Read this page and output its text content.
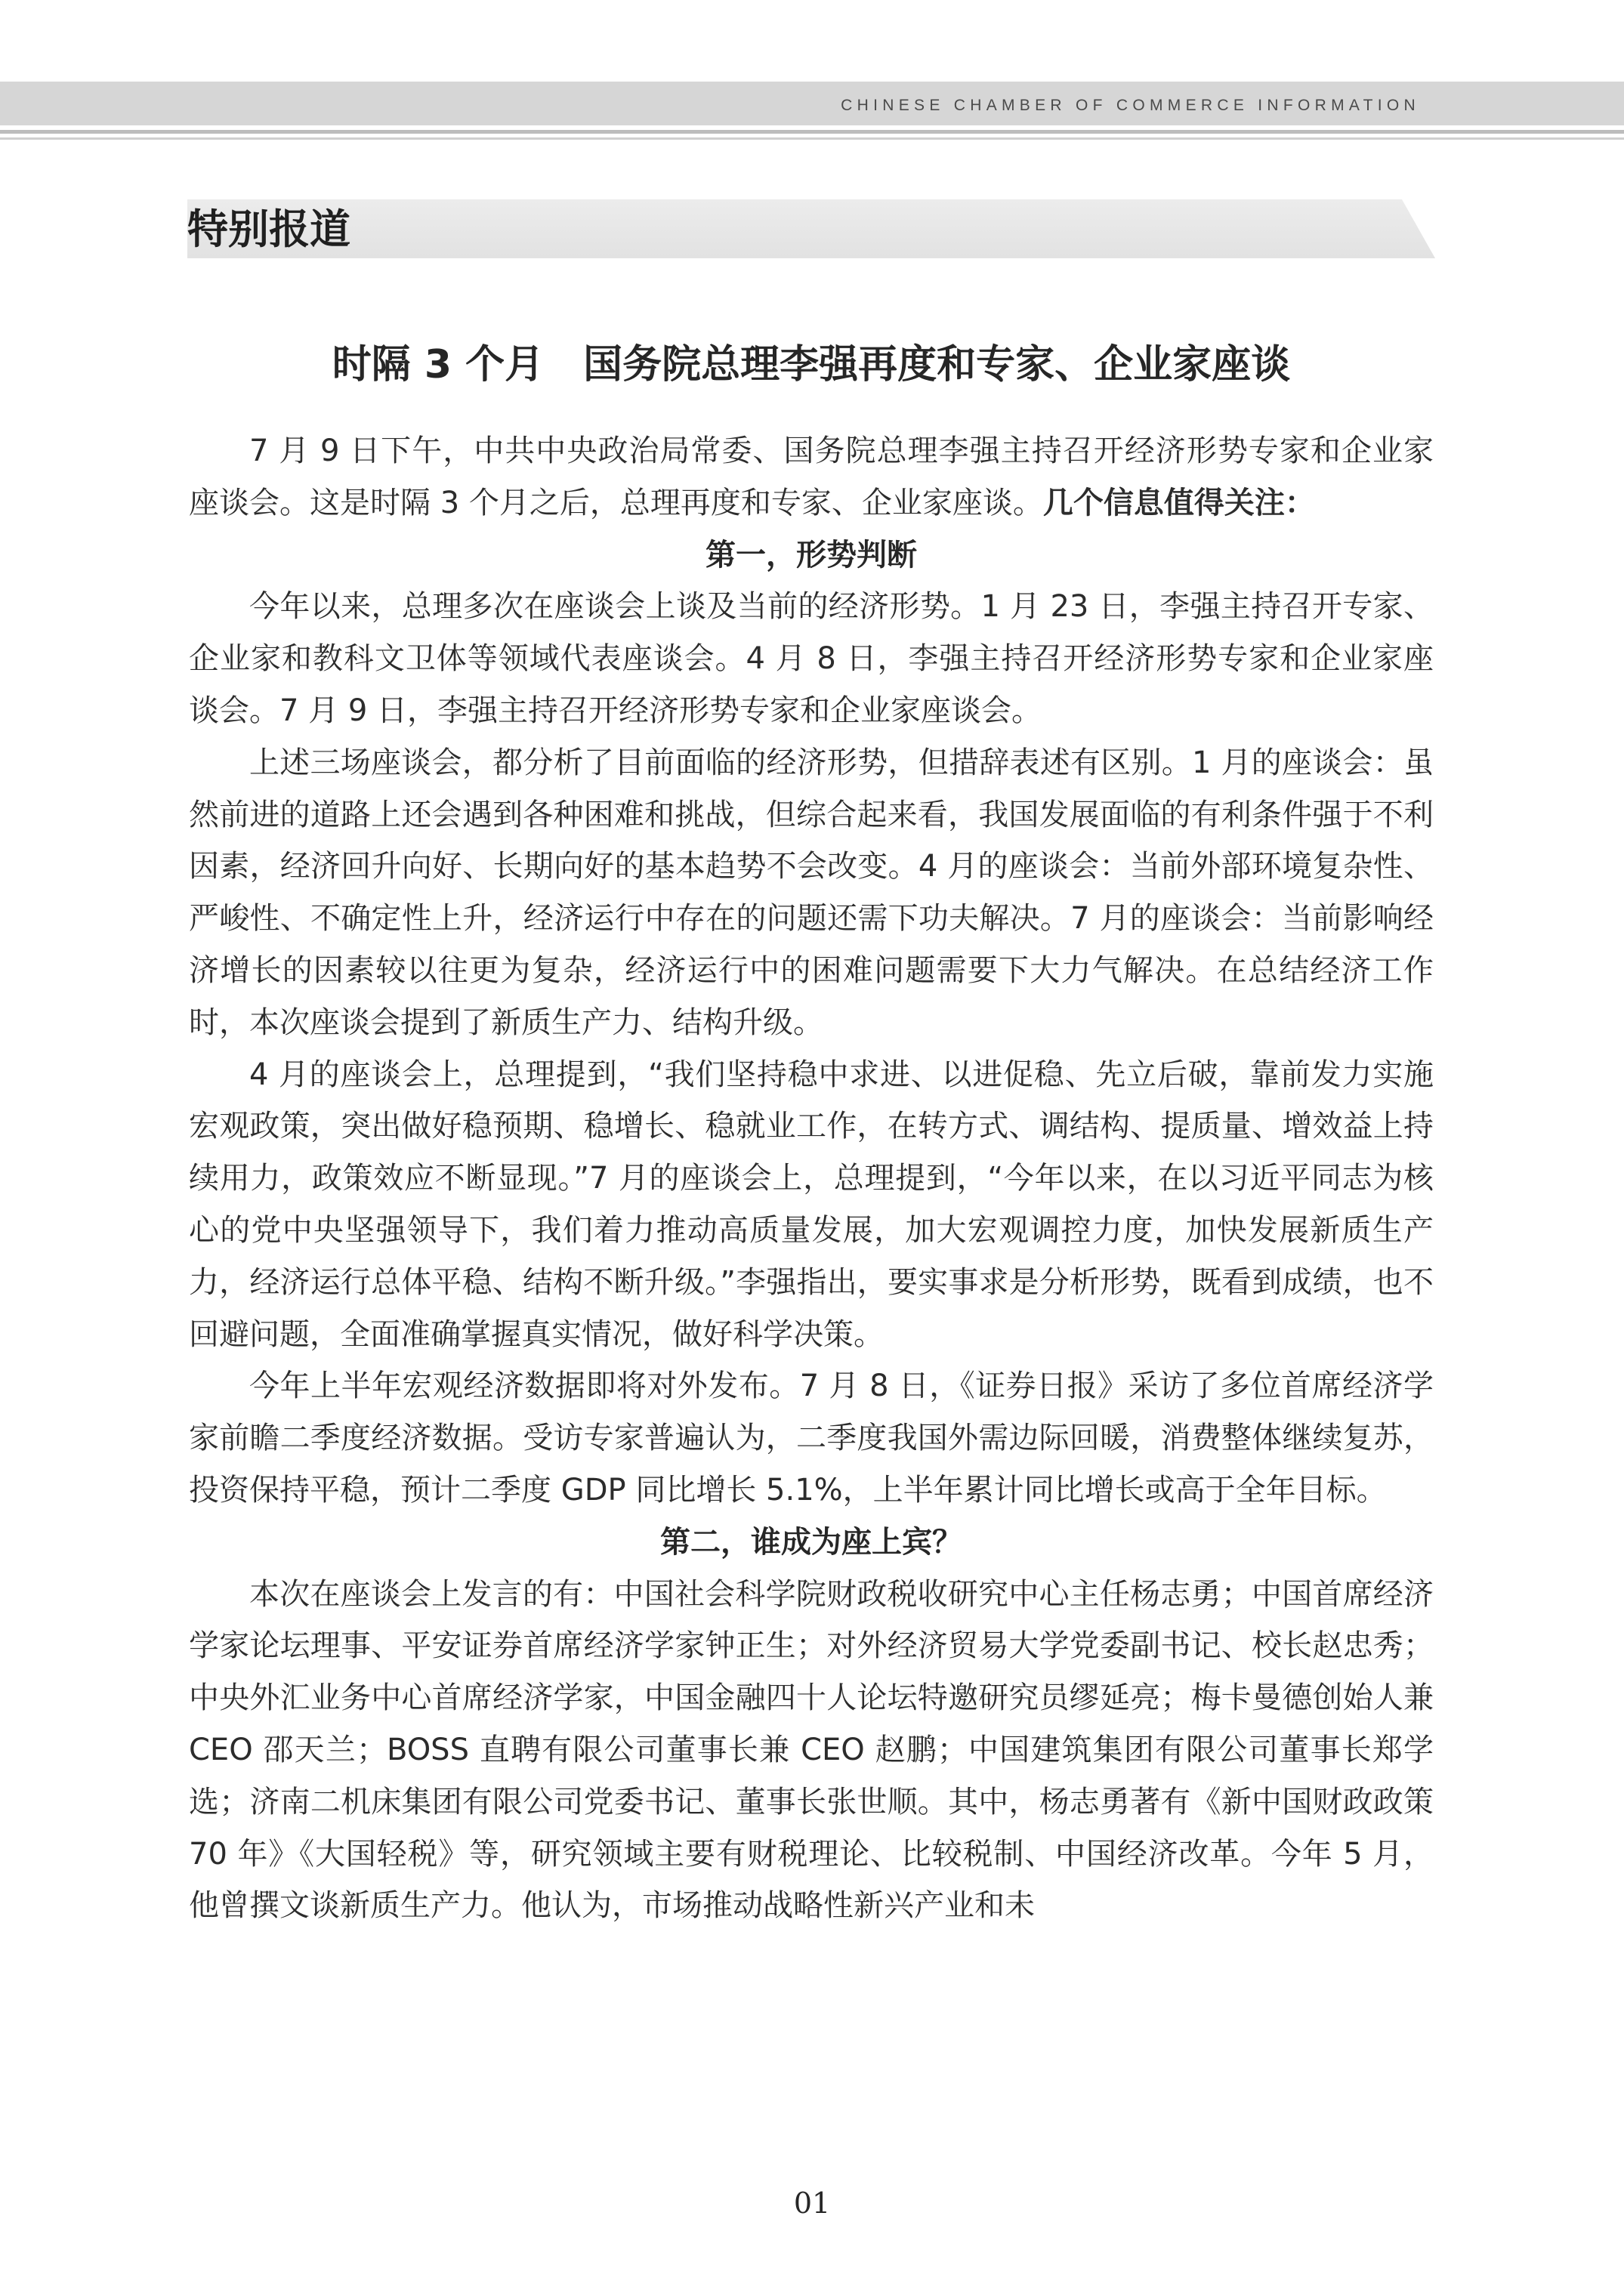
CHINESE CHAMBER OF COMMERCE INFORMATION
特别报道
时隔 3 个月　国务院总理李强再度和专家、企业家座谈

7 月 9 日下午，中共中央政治局常委、国务院总理李强主持召开经济形势专家和企业家座谈会。这是时隔 3 个月之后，总理再度和专家、企业家座谈。几个信息值得关注：

第一，形势判断

今年以来，总理多次在座谈会上谈及当前的经济形势。1 月 23 日，李强主持召开专家、企业家和教科文卫体等领域代表座谈会。4 月 8 日，李强主持召开经济形势专家和企业家座谈会。7 月 9 日，李强主持召开经济形势专家和企业家座谈会。

上述三场座谈会，都分析了目前面临的经济形势，但措辞表述有区别。1 月的座谈会：虽然前进的道路上还会遇到各种困难和挑战，但综合起来看，我国发展面临的有利条件强于不利因素，经济回升向好、长期向好的基本趋势不会改变。4 月的座谈会：当前外部环境复杂性、严峻性、不确定性上升，经济运行中存在的问题还需下功夫解决。7 月的座谈会：当前影响经济增长的因素较以往更为复杂，经济运行中的困难问题需要下大力气解决。在总结经济工作时，本次座谈会提到了新质生产力、结构升级。

4 月的座谈会上，总理提到，“我们坚持稳中求进、以进促稳、先立后破，靠前发力实施宏观政策，突出做好稳预期、稳增长、稳就业工作，在转方式、调结构、提质量、增效益上持续用力，政策效应不断显现。”7 月的座谈会上，总理提到，“今年以来，在以习近平同志为核心的党中央坚强领导下，我们着力推动高质量发展，加大宏观调控力度，加快发展新质生产力，经济运行总体平稳、结构不断升级。”李强指出，要实事求是分析形势，既看到成绩，也不回避问题，全面准确掌握真实情况，做好科学决策。

今年上半年宏观经济数据即将对外发布。7 月 8 日，《证券日报》采访了多位首席经济学家前瞻二季度经济数据。受访专家普遍认为，二季度我国外需边际回暖，消费整体继续复苏，投资保持平稳，预计二季度 GDP 同比增长 5.1%，上半年累计同比增长或高于全年目标。

第二，谁成为座上宾？

本次在座谈会上发言的有：中国社会科学院财政税收研究中心主任杨志勇；中国首席经济学家论坛理事、平安证券首席经济学家钟正生；对外经济贸易大学党委副书记、校长赵忠秀；中央外汇业务中心首席经济学家，中国金融四十人论坛特邀研究员缪延亮；梅卡曼德创始人兼 CEO 邵天兰；BOSS 直聘有限公司董事长兼 CEO 赵鹏；中国建筑集团有限公司董事长郑学选；济南二机床集团有限公司党委书记、董事长张世顺。其中，杨志勇著有《新中国财政政策 70 年》《大国轻税》等，研究领域主要有财税理论、比较税制、中国经济改革。今年 5 月，他曾撰文谈新质生产力。他认为，市场推动战略性新兴产业和未

01
